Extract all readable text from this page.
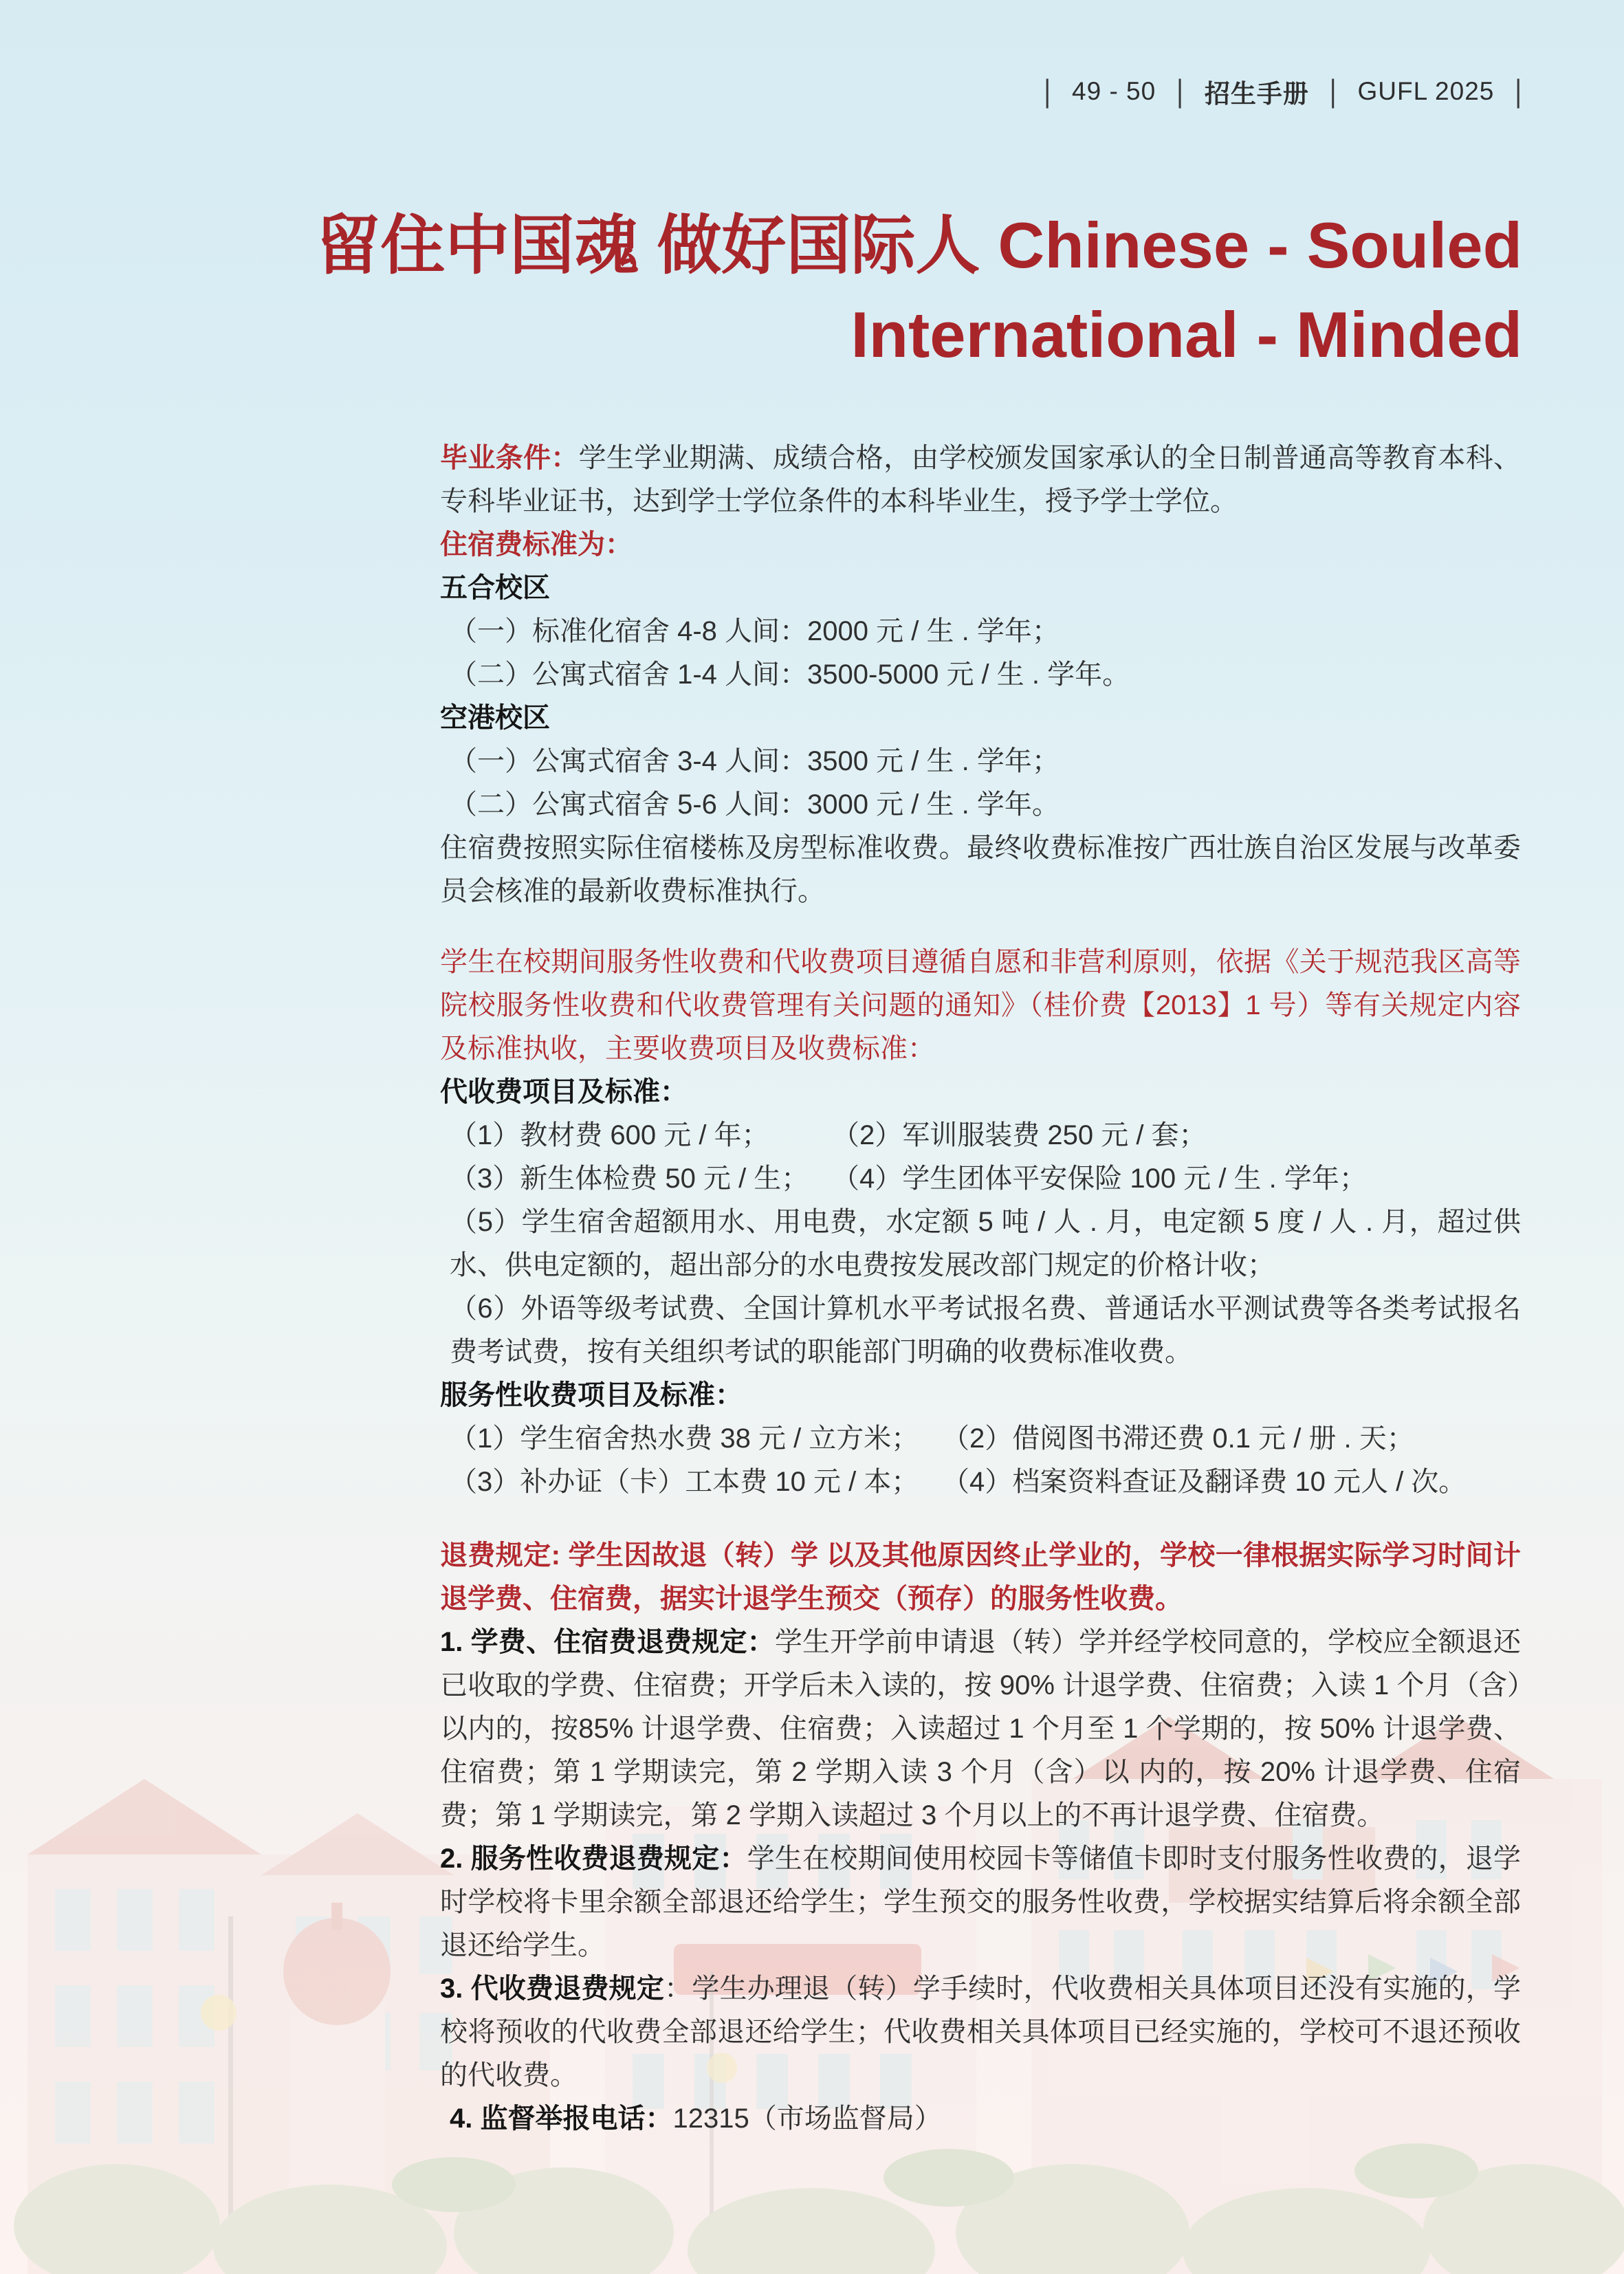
| 49 - 50 | 招生手册 | GUFL 2025 |
留住中国魂 做好国际人 Chinese - Souled
International - Minded

毕业条件：学生学业期满、成绩合格，由学校颁发国家承认的全日制普通高等教育本科、专科毕业证书，达到学士学位条件的本科毕业生，授予学士学位。

住宿费标准为：

五合校区

（一）标准化宿舍 4-8 人间：2000 元 / 生 . 学年；

（二）公寓式宿舍 1-4 人间：3500-5000 元 / 生 . 学年。

空港校区

（一）公寓式宿舍 3-4 人间：3500 元 / 生 . 学年；

（二）公寓式宿舍 5-6 人间：3000 元 / 生 . 学年。

住宿费按照实际住宿楼栋及房型标准收费。最终收费标准按广西壮族自治区发展与改革委员会核准的最新收费标准执行。

学生在校期间服务性收费和代收费项目遵循自愿和非营利原则，依据《关于规范我区高等院校服务性收费和代收费管理有关问题的通知》（桂价费【2013】1 号）等有关规定内容及标准执收，主要收费项目及收费标准：

代收费项目及标准：

（1）教材费 600 元 / 年；	（2）军训服装费 250 元 / 套；
（3）新生体检费 50 元 / 生； （4）学生团体平安保险 100 元 / 生 . 学年；

（5）学生宿舍超额用水、用电费，水定额 5 吨 / 人 . 月，电定额 5 度 / 人 . 月，超过供水、供电定额的，超出部分的水电费按发展改部门规定的价格计收；

（6）外语等级考试费、全国计算机水平考试报名费、普通话水平测试费等各类考试报名费考试费，按有关组织考试的职能部门明确的收费标准收费。

服务性收费项目及标准：

（1）学生宿舍热水费 38 元 / 立方米； （2）借阅图书滞还费 0.1 元 / 册 . 天；
（3）补办证（卡）工本费 10 元 / 本； （4）档案资料查证及翻译费 10 元人 / 次。

退费规定: 学生因故退（转）学 以及其他原因终止学业的，学校一律根据实际学习时间计退学费、住宿费，据实计退学生预交（预存）的服务性收费。

1. 学费、住宿费退费规定：学生开学前申请退（转）学并经学校同意的，学校应全额退还已收取的学费、住宿费；开学后未入读的，按 90% 计退学费、住宿费；入读 1 个月（含）以内的，按85% 计退学费、住宿费；入读超过 1 个月至 1 个学期的，按 50% 计退学费、住宿费；第 1 学期读完，第 2 学期入读 3 个月（含）以 内的，按 20% 计退学费、住宿费；第 1 学期读完，第 2 学期入读超过 3 个月以上的不再计退学费、住宿费。

2. 服务性收费退费规定：学生在校期间使用校园卡等储值卡即时支付服务性收费的，退学时学校将卡里余额全部退还给学生；学生预交的服务性收费，学校据实结算后将余额全部退还给学生。

3. 代收费退费规定：学生办理退（转）学手续时，代收费相关具体项目还没有实施的，学校将预收的代收费全部退还给学生；代收费相关具体项目已经实施的，学校可不退还预收的代收费。

4. 监督举报电话：12315（市场监督局）
